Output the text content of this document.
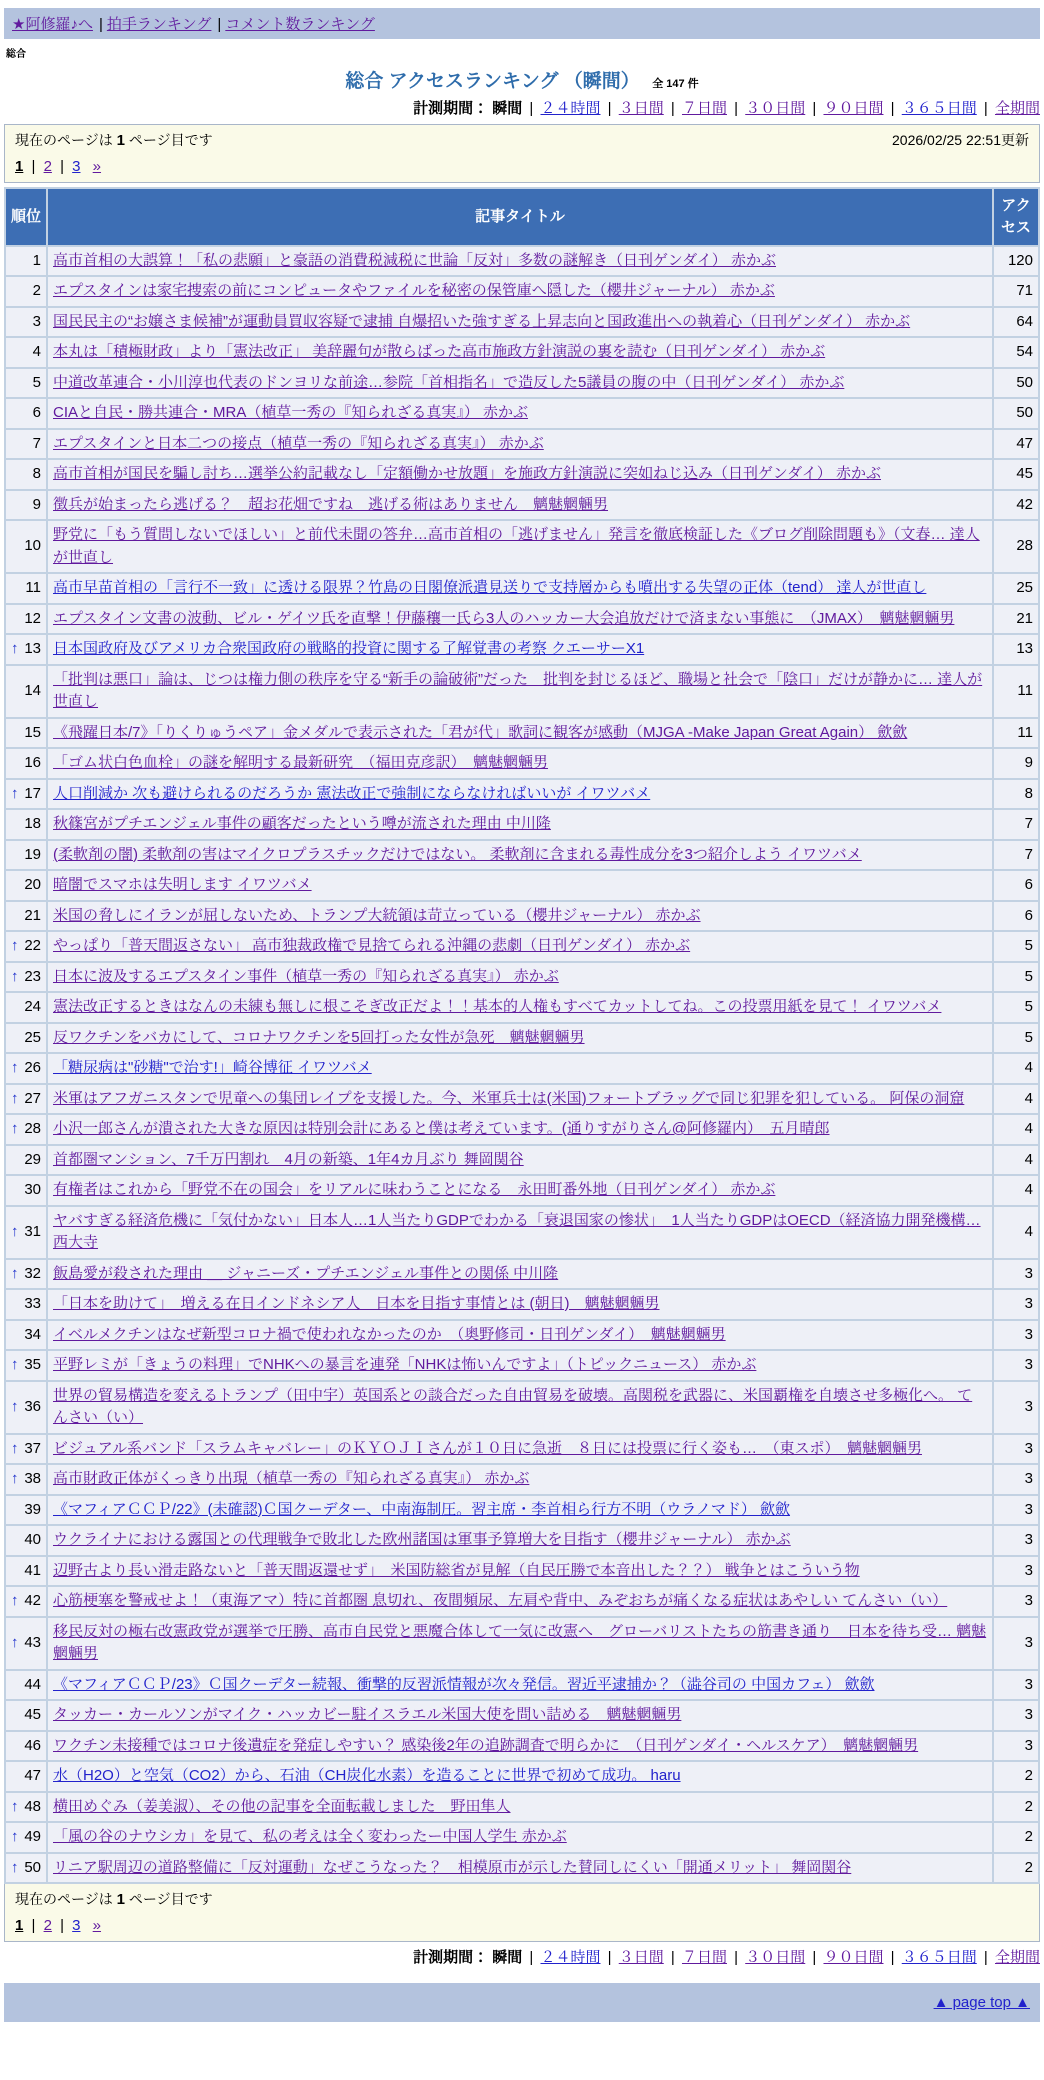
★阿修羅♪へ | 拍手ランキング | コメント数ランキング
総合
総合 アクセスランキング （瞬間） 全 147 件
計測期間： 瞬間 | ２４時間 | ３日間 | ７日間 | ３０日間 | ９０日間 | ３６５日間 | 全期間
現在のページは 1 ページ目です	2026/02/25 22:51更新
1 | 2 | 3 »
順位	記事タイトル	アクセス
1	高市首相の大誤算！「私の悲願」と豪語の消費税減税に世論「反対」多数の謎解き（日刊ゲンダイ） 赤かぶ	120
2	エプスタインは家宅捜索の前にコンピュータやファイルを秘密の保管庫へ隠した（櫻井ジャーナル） 赤かぶ	71
3	国民民主の“お嬢さま候補”が運動員買収容疑で逮捕 自爆招いた強すぎる上昇志向と国政進出への執着心（日刊ゲンダイ） 赤かぶ	64
4	本丸は「積極財政」より「憲法改正」 美辞麗句が散らばった高市施政方針演説の裏を読む（日刊ゲンダイ） 赤かぶ	54
5	中道改革連合・小川淳也代表のドンヨリな前途…参院「首相指名」で造反した5議員の腹の中（日刊ゲンダイ） 赤かぶ	50
6	CIAと自民・勝共連合・MRA（植草一秀の『知られざる真実』） 赤かぶ	50
7	エプスタインと日本二つの接点（植草一秀の『知られざる真実』） 赤かぶ	47
8	高市首相が国民を騙し討ち…選挙公約記載なし「定額働かせ放題」を施政方針演説に突如ねじ込み（日刊ゲンダイ） 赤かぶ	45
9	徴兵が始まったら逃げる？　超お花畑ですね　逃げる術はありません　魑魅魍魎男	42
10	野党に「もう質問しないでほしい」と前代未聞の答弁…高市首相の「逃げません」発言を徹底検証した《ブログ削除問題も》（文春… 達人が世直し	28
11	高市早苗首相の「言行不一致」に透ける限界？竹島の日閣僚派遣見送りで支持層からも噴出する失望の正体（tend） 達人が世直し	25
12	エプスタイン文書の波動、ビル・ゲイツ氏を直撃！伊藤穰一氏ら3人のハッカー大会追放だけで済まない事態に　（JMAX）　魑魅魍魎男	21

↑ 13	日本国政府及びアメリカ合衆国政府の戦略的投資に関する了解覚書の考察 クエーサーX1	13
14	「批判は悪口」論は、じつは権力側の秩序を守る“新手の論破術”だった　批判を封じるほど、職場と社会で「陰口」だけが静かに… 達人が世直し	11
15	《飛躍日本/7》「りくりゅうペア」金メダルで表示された「君が代」歌詞に観客が感動（MJGA -Make Japan Great Again） 歛歛	11
16	「ゴム状白色血栓」の謎を解明する最新研究　（福田克彦訳）　魑魅魍魎男	9

↑ 17	人口削減か 次も避けられるのだろうか 憲法改正で強制にならなければいいが イワツバメ	8
18	秋篠宮がプチエンジェル事件の顧客だったという噂が流された理由 中川隆	7
19	(柔軟剤の闇) 柔軟剤の害はマイクロプラスチックだけではない。 柔軟剤に含まれる毒性成分を3つ紹介しよう イワツバメ	7
20	暗闇でスマホは失明します イワツバメ	6
21	米国の脅しにイランが屈しないため、トランプ大統領は苛立っている（櫻井ジャーナル） 赤かぶ	6

↑ 22	やっぱり「普天間返さない」 高市独裁政権で見捨てられる沖縄の悲劇（日刊ゲンダイ） 赤かぶ	5

↑ 23	日本に波及するエプスタイン事件（植草一秀の『知られざる真実』） 赤かぶ	5
24	憲法改正するときはなんの未練も無しに根こそぎ改正だよ！！基本的人権もすべてカットしてね。この投票用紙を見て！ イワツバメ	5
25	反ワクチンをバカにして、コロナワクチンを5回打った女性が急死　魑魅魍魎男	5

↑ 26	「糖尿病は"砂糖"で治す!」崎谷博征 イワツバメ	4

↑ 27	米軍はアフガニスタンで児童への集団レイプを支援した。今、米軍兵士は(米国)フォートブラッグで同じ犯罪を犯している。 阿保の洞窟	4

↑ 28	小沢一郎さんが潰された大きな原因は特別会計にあると僕は考えています。(通りすがりさん@阿修羅内）　五月晴郎	4
29	首都圏マンション、7千万円割れ　4月の新築、1年4カ月ぶり 舞岡関谷	4
30	有権者はこれから「野党不在の国会」をリアルに味わうことになる　永田町番外地（日刊ゲンダイ） 赤かぶ	4

↑ 31	ヤバすぎる経済危機に「気付かない」日本人…1人当たりGDPでわかる「衰退国家の惨状」　1人当たりGDPはOECD（経済協力開発機構… 西大寺	4

↑ 32	飯島愛が殺された理由 ＿ ジャニーズ・プチエンジェル事件との関係 中川隆	3
33	「日本を助けて」　増える在日インドネシア人　日本を目指す事情とは (朝日)　魑魅魍魎男	3
34	イベルメクチンはなぜ新型コロナ禍で使われなかったのか　（奥野修司・日刊ゲンダイ）　魑魅魍魎男	3

↑ 35	平野レミが「きょうの料理」でNHKへの暴言を連発「NHKは怖いんですよ」（トピックニュース） 赤かぶ	3

↑ 36	世界の貿易構造を変えるトランプ（田中宇）英国系との談合だった自由貿易を破壊。高関税を武器に、米国覇権を自壊させ多極化へ。 てんさい（い）	3

↑ 37	ビジュアル系バンド「スラムキャバレー」のＫＹＯＪＩさんが１０日に急逝　８日には投票に行く姿も…　（東スポ）　魑魅魍魎男	3

↑ 38	高市財政正体がくっきり出現（植草一秀の『知られざる真実』） 赤かぶ	3
39	《マフィアＣＣＰ/22》(未確認)Ｃ国クーデター、中南海制圧。習主席・李首相ら行方不明（ウラノマド） 歛歛	3
40	ウクライナにおける露国との代理戦争で敗北した欧州諸国は軍事予算増大を目指す（櫻井ジャーナル） 赤かぶ	3
41	辺野古より長い滑走路ないと「普天間返還せず」　米国防総省が見解（自民圧勝で本音出した？？） 戦争とはこういう物	3

↑ 42	心筋梗塞を警戒せよ！（東海アマ）特に首都圏 息切れ、夜間頻尿、左肩や背中、みぞおちが痛くなる症状はあやしい てんさい（い）	3

↑ 43	移民反対の極右改憲政党が選挙で圧勝、高市自民党と悪魔合体して一気に改憲へ　グローバリストたちの筋書き通り　日本を待ち受… 魑魅魍魎男	3
44	《マフィアＣＣＰ/23》Ｃ国クーデター続報、衝撃的反習派情報が次々発信。習近平逮捕か？（澁谷司の 中国カフェ） 歛歛	3
45	タッカー・カールソンがマイク・ハッカビー駐イスラエル米国大使を問い詰める　魑魅魍魎男	3
46	ワクチン未接種ではコロナ後遺症を発症しやすい？ 感染後2年の追跡調査で明らかに　（日刊ゲンダイ・ヘルスケア）　魑魅魍魎男	3
47	水（H2O）と空気（CO2）から、石油（CH炭化水素）を造ることに世界で初めて成功。 haru	2

↑ 48	横田めぐみ（姜美淑）、その他の記事を全面転載しました　野田隼人	2

↑ 49	「風の谷のナウシカ」を見て、私の考えは全く変わったー中国人学生 赤かぶ	2

↑ 50	リニア駅周辺の道路整備に「反対運動」なぜこうなった？　相模原市が示した賛同しにくい「開通メリット」 舞岡関谷	2
現在のページは 1 ページ目です
1 | 2 | 3 »
計測期間： 瞬間 | ２４時間 | ３日間 | ７日間 | ３０日間 | ９０日間 | ３６５日間 | 全期間
▲ page top ▲
